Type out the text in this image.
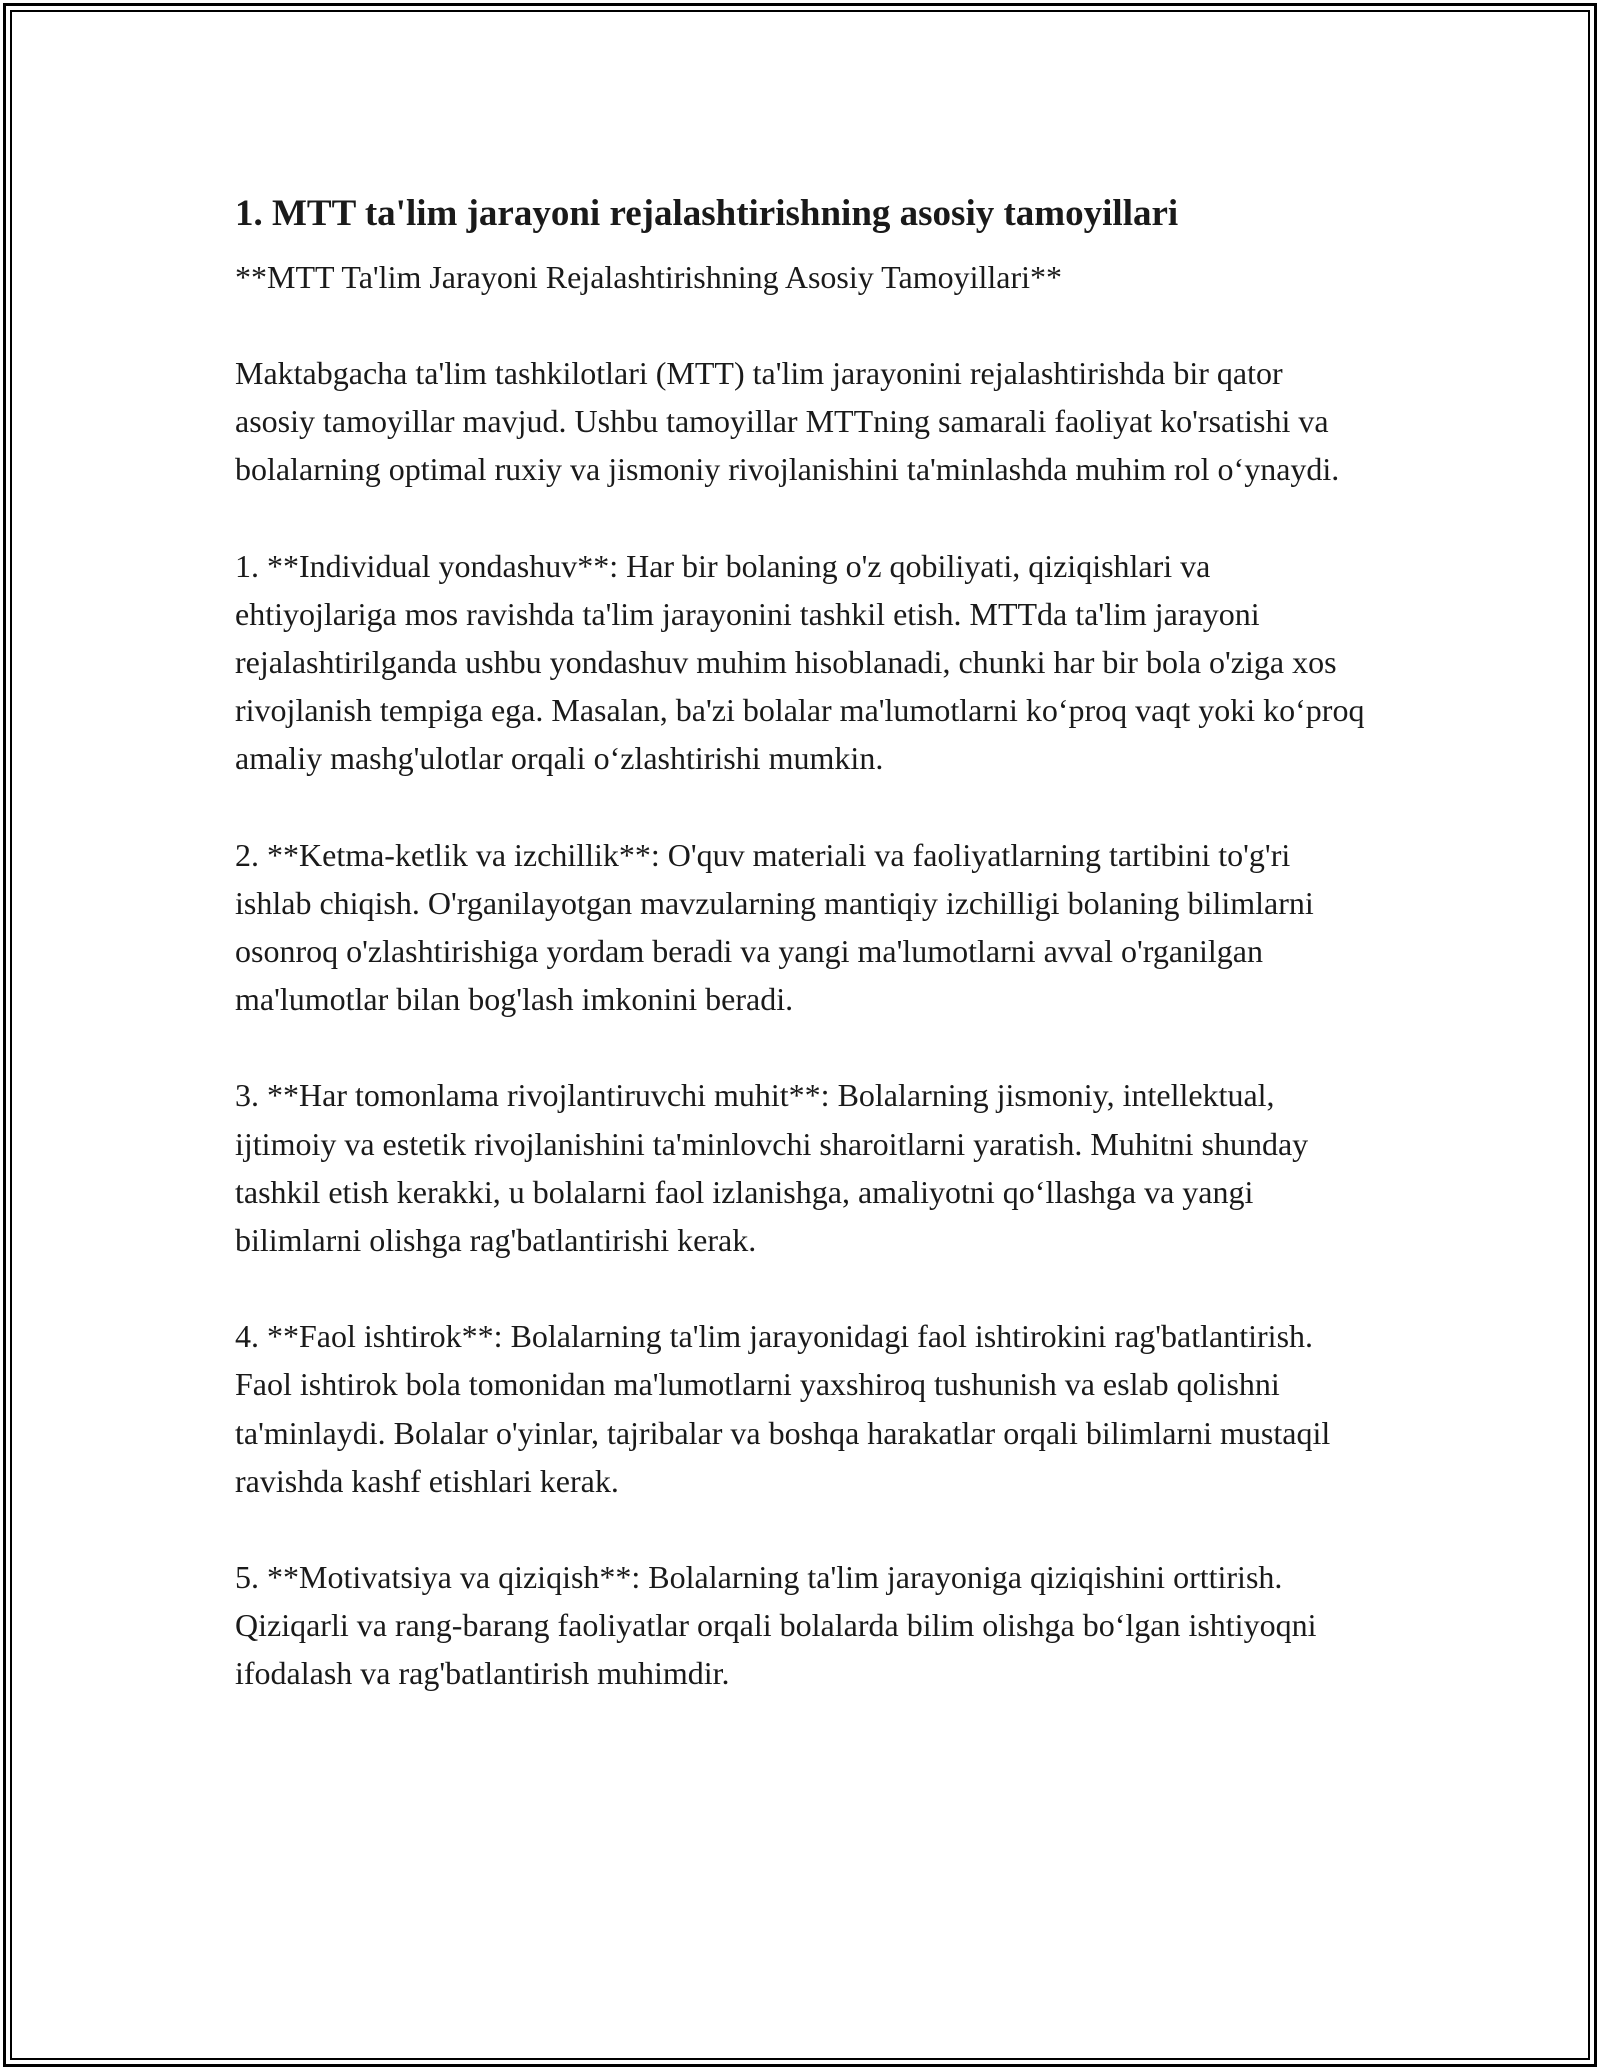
1. MTT ta'lim jarayoni rejalashtirishning asosiy tamoyillari

**MTT Ta'lim Jarayoni Rejalashtirishning Asosiy Tamoyillari**

Maktabgacha ta'lim tashkilotlari (MTT) ta'lim jarayonini rejalashtirishda bir qator asosiy tamoyillar mavjud. Ushbu tamoyillar MTTning samarali faoliyat ko'rsatishi va bolalarning optimal ruxiy va jismoniy rivojlanishini ta'minlashda muhim rol o‘ynaydi.

1. **Individual yondashuv**: Har bir bolaning o'z qobiliyati, qiziqishlari va ehtiyojlariga mos ravishda ta'lim jarayonini tashkil etish. MTTda ta'lim jarayoni rejalashtirilganda ushbu yondashuv muhim hisoblanadi, chunki har bir bola o'ziga xos rivojlanish tempiga ega. Masalan, ba'zi bolalar ma'lumotlarni ko‘proq vaqt yoki ko‘proq amaliy mashg'ulotlar orqali o‘zlashtirishi mumkin.

2. **Ketma-ketlik va izchillik**: O'quv materiali va faoliyatlarning tartibini to'g'ri ishlab chiqish. O'rganilayotgan mavzularning mantiqiy izchilligi bolaning bilimlarni osonroq o'zlashtirishiga yordam beradi va yangi ma'lumotlarni avval o'rganilgan ma'lumotlar bilan bog'lash imkonini beradi.

3. **Har tomonlama rivojlantiruvchi muhit**: Bolalarning jismoniy, intellektual, ijtimoiy va estetik rivojlanishini ta'minlovchi sharoitlarni yaratish. Muhitni shunday tashkil etish kerakki, u bolalarni faol izlanishga, amaliyotni qo‘llashga va yangi bilimlarni olishga rag'batlantirishi kerak.

4. **Faol ishtirok**: Bolalarning ta'lim jarayonidagi faol ishtirokini rag'batlantirish. Faol ishtirok bola tomonidan ma'lumotlarni yaxshiroq tushunish va eslab qolishni ta'minlaydi. Bolalar o'yinlar, tajribalar va boshqa harakatlar orqali bilimlarni mustaqil ravishda kashf etishlari kerak.

5. **Motivatsiya va qiziqish**: Bolalarning ta'lim jarayoniga qiziqishini orttirish. Qiziqarli va rang-barang faoliyatlar orqali bolalarda bilim olishga bo‘lgan ishtiyoqni ifodalash va rag'batlantirish muhimdir.
